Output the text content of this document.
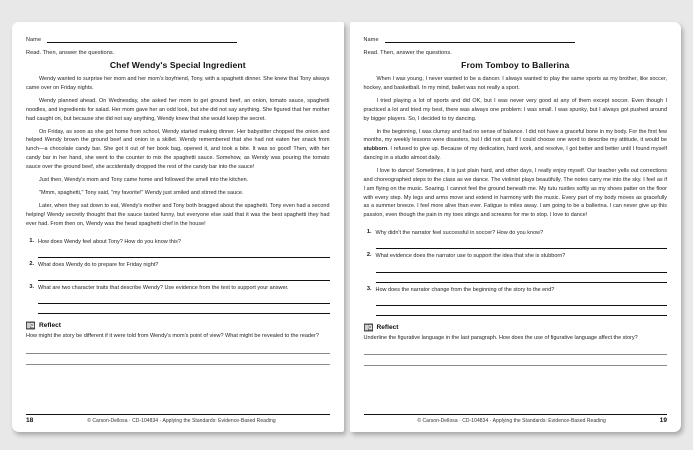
Name
Read. Then, answer the questions.
Chef Wendy's Special Ingredient

Wendy wanted to surprise her mom and her mom's boyfriend, Tony, with a spaghetti dinner. She knew that Tony always came over on Friday nights.

Wendy planned ahead. On Wednesday, she asked her mom to get ground beef, an onion, tomato sauce, spaghetti noodles, and ingredients for salad. Her mom gave her an odd look, but she did not say anything. She figured that her mother had caught on, but because she did not say anything, Wendy knew that she would keep the secret.

On Friday, as soon as she got home from school, Wendy started making dinner. Her babysitter chopped the onion and helped Wendy brown the ground beef and onion in a skillet. Wendy remembered that she had not eaten her snack from lunch—a chocolate candy bar. She got it out of her book bag, opened it, and took a bite. It was so good! Then, with her candy bar in her hand, she went to the counter to mix the spaghetti sauce. Somehow, as Wendy was pouring the tomato sauce over the ground beef, she accidentally dropped the rest of the candy bar into the sauce!

Just then, Wendy's mom and Tony came home and followed the smell into the kitchen.

"Mmm, spaghetti," Tony said, "my favorite!" Wendy just smiled and stirred the sauce.

Later, when they sat down to eat, Wendy's mother and Tony both bragged about the spaghetti. Tony even had a second helping! Wendy secretly thought that the sauce tasted funny, but everyone else said that it was the best spaghetti they had ever had. From then on, Wendy was the head spaghetti chef in the house!

1. How does Wendy feel about Tony? How do you know this?
2. What does Wendy do to prepare for Friday night?
3. What are two character traits that describe Wendy? Use evidence from the text to support your answer.
Reflect
How might the story be different if it were told from Wendy's mom's point of view? What might be revealed to the reader?
18	© Carson-Dellosa · CD-104834 · Applying the Standards: Evidence-Based Reading
Name
Read. Then, answer the questions.
From Tomboy to Ballerina

When I was young, I never wanted to be a dancer. I always wanted to play the same sports as my brother, like soccer, hockey, and basketball. In my mind, ballet was not really a sport.

I tried playing a lot of sports and did OK, but I was never very good at any of them except soccer. Even though I practiced a lot and tried my best, there was always one problem: I was small. I was spunky, but I always got pushed around by bigger players. So, I decided to try dancing.

In the beginning, I was clumsy and had no sense of balance. I did not have a graceful bone in my body. For the first few months, my weekly lessons were disasters, but I did not quit. If I could choose one word to describe my attitude, it would be stubborn. I refused to give up. Because of my dedication, hard work, and resolve, I got better and better until I found myself dancing in a studio almost daily.

I love to dance! Sometimes, it is just plain hard, and other days, I really enjoy myself. Our teacher yells out corrections and choreographed steps to the class as we dance. The violinist plays beautifully. The notes carry me into the sky. I feel as if I am flying on the music. Soaring. I cannot feel the ground beneath me. My tutu rustles softly as my shoes patter on the floor with every step. My legs and arms move and extend in harmony with the music. Every part of my body moves as gracefully as a summer breeze. I feel more alive than ever. Fatigue is miles away. I am going to be a ballerina. I can never give up this passion, even though the pain in my toes stings and screams for me to stop. I love to dance!

1. Why didn't the narrator feel successful in soccer? How do you know?
2. What evidence does the narrator use to support the idea that she is stubborn?
3. How does the narrator change from the beginning of the story to the end?
Reflect
Underline the figurative language in the last paragraph. How does the use of figurative language affect the story?
19
© Carson-Dellosa · CD-104834 · Applying the Standards: Evidence-Based Reading
